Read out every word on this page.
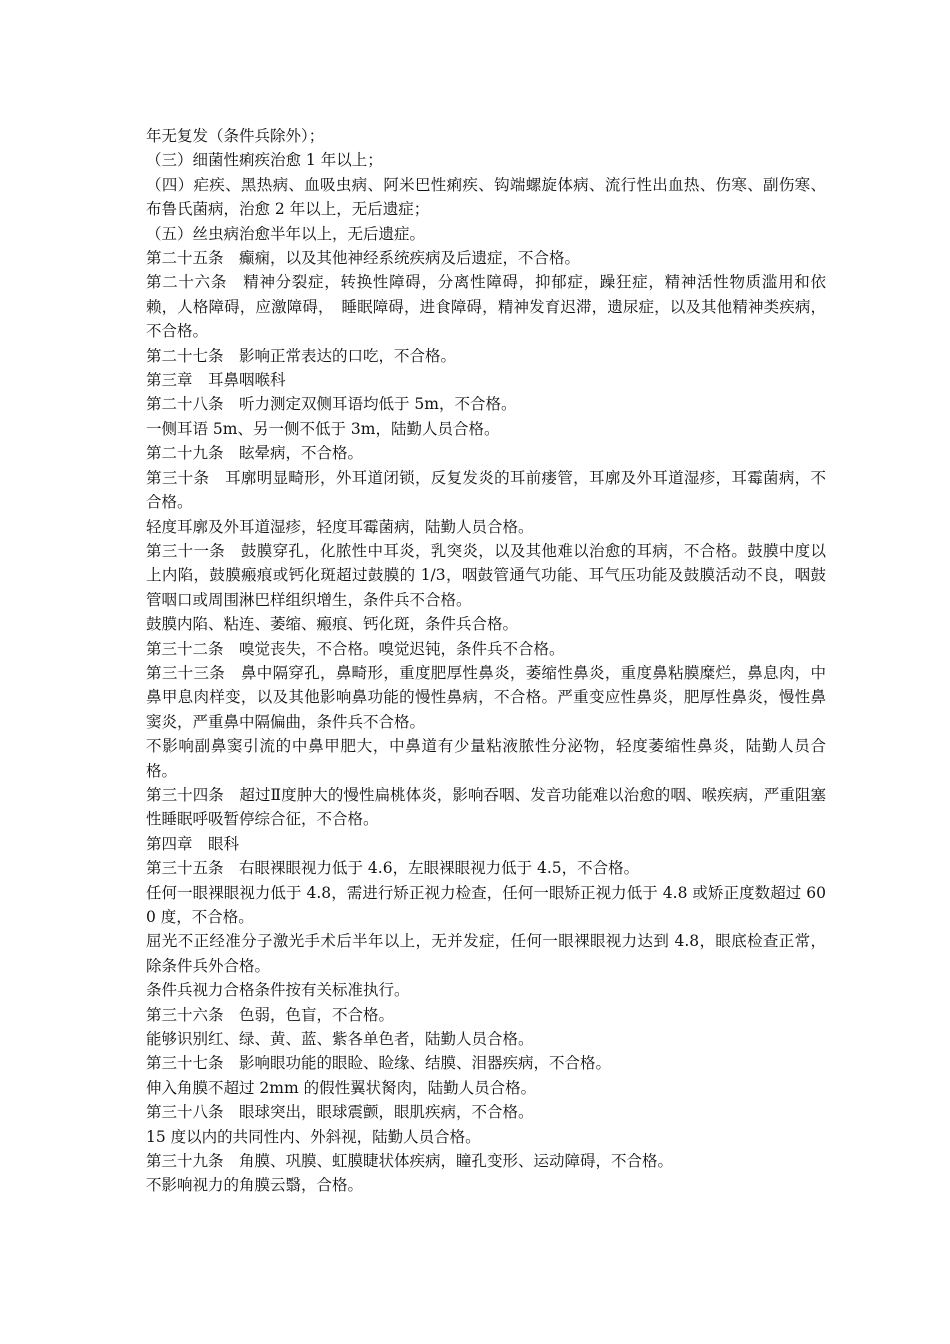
年无复发（条件兵除外）；

（三）细菌性痢疾治愈 1 年以上；

（四）疟疾、黑热病、血吸虫病、阿米巴性痢疾、钩端螺旋体病、流行性出血热、伤寒、副伤寒、布鲁氏菌病，治愈 2 年以上，无后遗症；

（五）丝虫病治愈半年以上，无后遗症。

第二十五条　癫痫，以及其他神经系统疾病及后遗症，不合格。

第二十六条　精神分裂症，转换性障碍，分离性障碍，抑郁症，躁狂症，精神活性物质滥用和依赖，人格障碍，应激障碍，　睡眠障碍，进食障碍，精神发育迟滞，遗尿症，以及其他精神类疾病，不合格。

第二十七条　影响正常表达的口吃，不合格。

第三章　耳鼻咽喉科

第二十八条　听力测定双侧耳语均低于 5m，不合格。

一侧耳语 5m、另一侧不低于 3m，陆勤人员合格。

第二十九条　眩晕病，不合格。

第三十条　耳廓明显畸形，外耳道闭锁，反复发炎的耳前瘘管，耳廓及外耳道湿疹，耳霉菌病，不合格。

轻度耳廓及外耳道湿疹，轻度耳霉菌病，陆勤人员合格。

第三十一条　鼓膜穿孔，化脓性中耳炎，乳突炎，以及其他难以治愈的耳病，不合格。鼓膜中度以上内陷，鼓膜瘢痕或钙化斑超过鼓膜的 1/3，咽鼓管通气功能、耳气压功能及鼓膜活动不良，咽鼓管咽口或周围淋巴样组织增生，条件兵不合格。

鼓膜内陷、粘连、萎缩、瘢痕、钙化斑，条件兵合格。

第三十二条　嗅觉丧失，不合格。嗅觉迟钝，条件兵不合格。

第三十三条　鼻中隔穿孔，鼻畸形，重度肥厚性鼻炎，萎缩性鼻炎，重度鼻粘膜糜烂，鼻息肉，中鼻甲息肉样变，以及其他影响鼻功能的慢性鼻病，不合格。严重变应性鼻炎，肥厚性鼻炎，慢性鼻窦炎，严重鼻中隔偏曲，条件兵不合格。

不影响副鼻窦引流的中鼻甲肥大，中鼻道有少量粘液脓性分泌物，轻度萎缩性鼻炎，陆勤人员合格。

第三十四条　超过Ⅱ度肿大的慢性扁桃体炎，影响吞咽、发音功能难以治愈的咽、喉疾病，严重阻塞性睡眠呼吸暂停综合征，不合格。

第四章　眼科

第三十五条　右眼裸眼视力低于 4.6，左眼裸眼视力低于 4.5，不合格。

任何一眼裸眼视力低于 4.8，需进行矫正视力检查，任何一眼矫正视力低于 4.8 或矫正度数超过 600 度，不合格。

屈光不正经准分子激光手术后半年以上，无并发症，任何一眼裸眼视力达到 4.8，眼底检查正常，除条件兵外合格。

条件兵视力合格条件按有关标准执行。

第三十六条　色弱，色盲，不合格。

能够识别红、绿、黄、蓝、紫各单色者，陆勤人员合格。

第三十七条　影响眼功能的眼睑、睑缘、结膜、泪器疾病，不合格。

伸入角膜不超过 2mm 的假性翼状胬肉，陆勤人员合格。

第三十八条　眼球突出，眼球震颤，眼肌疾病，不合格。

15 度以内的共同性内、外斜视，陆勤人员合格。

第三十九条　角膜、巩膜、虹膜睫状体疾病，瞳孔变形、运动障碍，不合格。

不影响视力的角膜云翳，合格。
